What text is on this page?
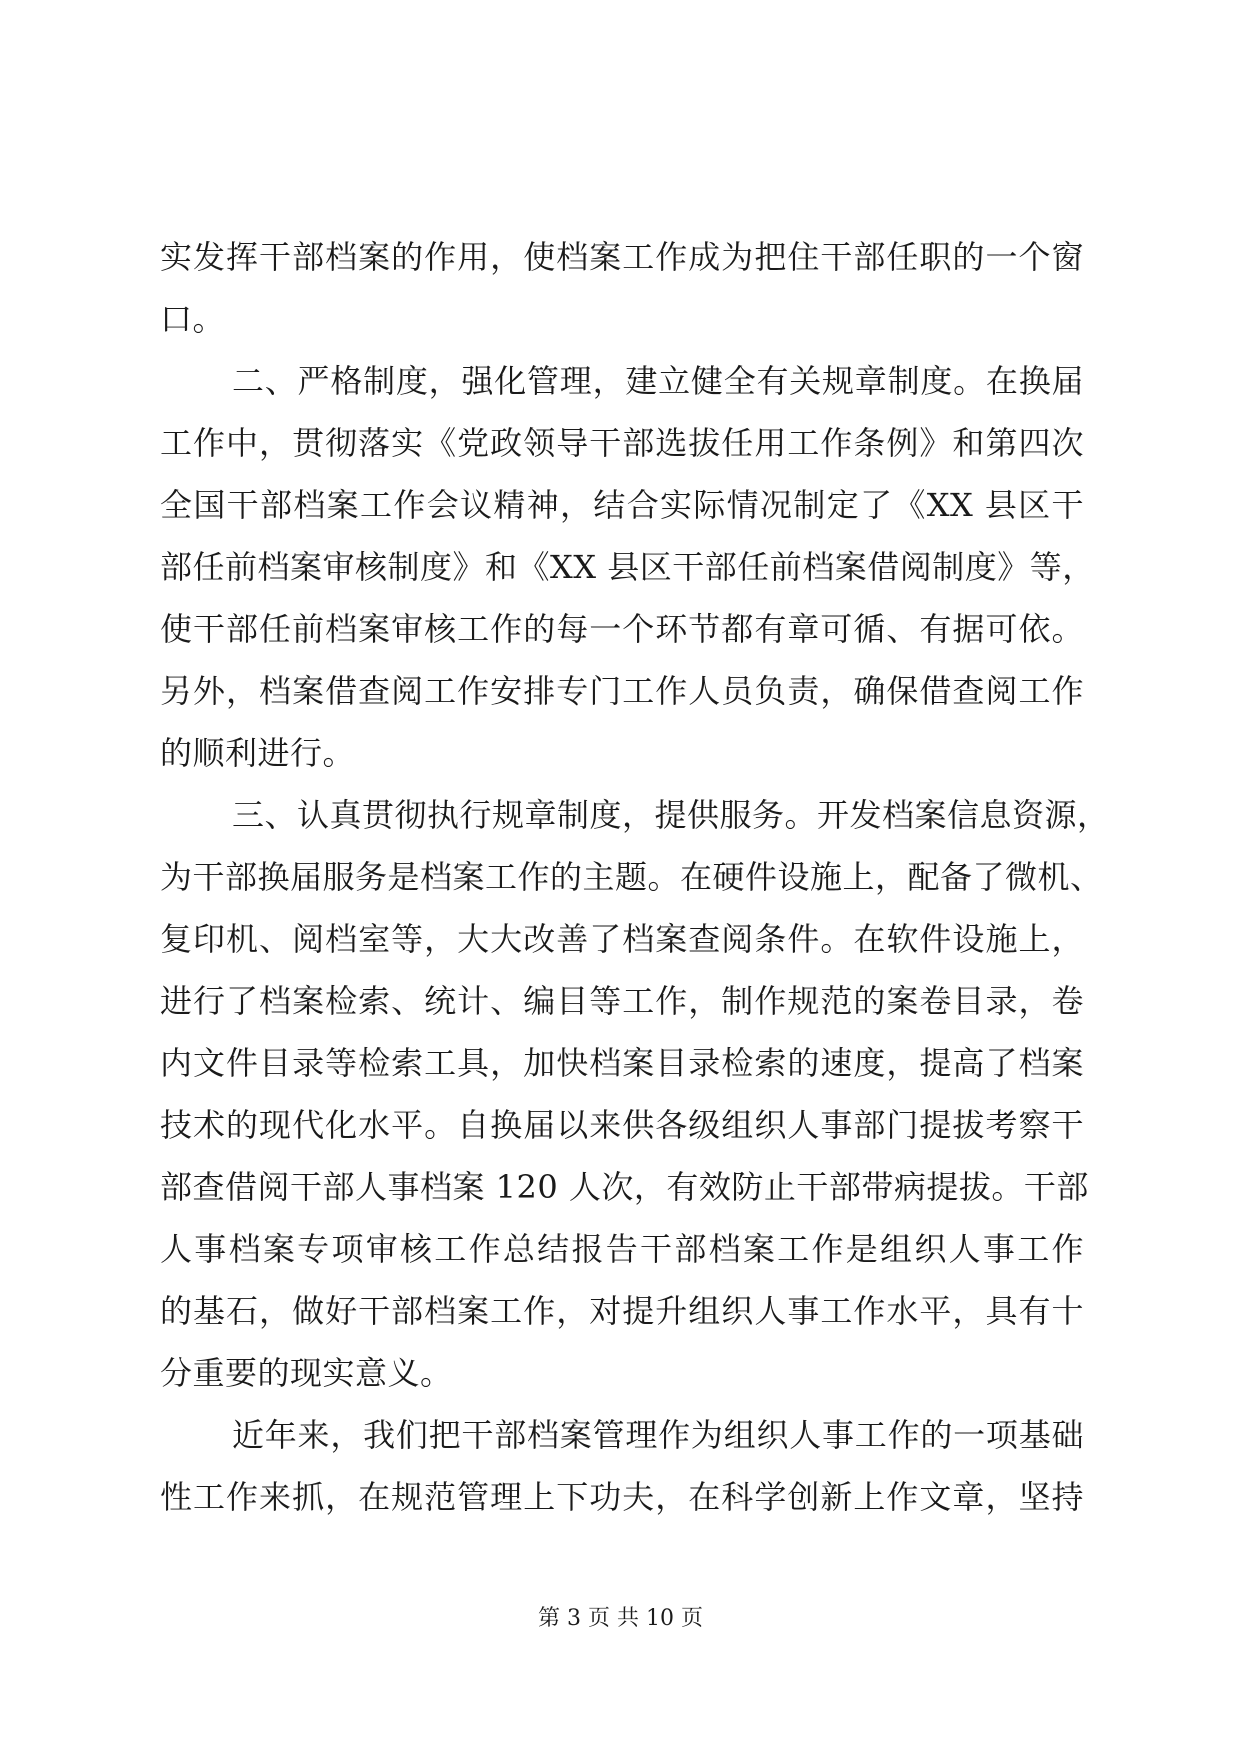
实发挥干部档案的作用，使档案工作成为把住干部任职的一个窗
口。
二、严格制度，强化管理，建立健全有关规章制度。在换届
工作中，贯彻落实《党政领导干部选拔任用工作条例》和第四次
全国干部档案工作会议精神，结合实际情况制定了《XX 县区干
部任前档案审核制度》和《XX 县区干部任前档案借阅制度》等，
使干部任前档案审核工作的每一个环节都有章可循、有据可依。
另外，档案借查阅工作安排专门工作人员负责，确保借查阅工作
的顺利进行。
三、认真贯彻执行规章制度，提供服务。开发档案信息资源，
为干部换届服务是档案工作的主题。在硬件设施上，配备了微机、
复印机、阅档室等，大大改善了档案查阅条件。在软件设施上，
进行了档案检索、统计、编目等工作，制作规范的案卷目录，卷
内文件目录等检索工具，加快档案目录检索的速度，提高了档案
技术的现代化水平。自换届以来供各级组织人事部门提拔考察干
部查借阅干部人事档案 120 人次，有效防止干部带病提拔。干部
人事档案专项审核工作总结报告干部档案工作是组织人事工作
的基石，做好干部档案工作，对提升组织人事工作水平，具有十
分重要的现实意义。
近年来，我们把干部档案管理作为组织人事工作的一项基础
性工作来抓，在规范管理上下功夫，在科学创新上作文章，坚持
第 3 页 共 10 页
